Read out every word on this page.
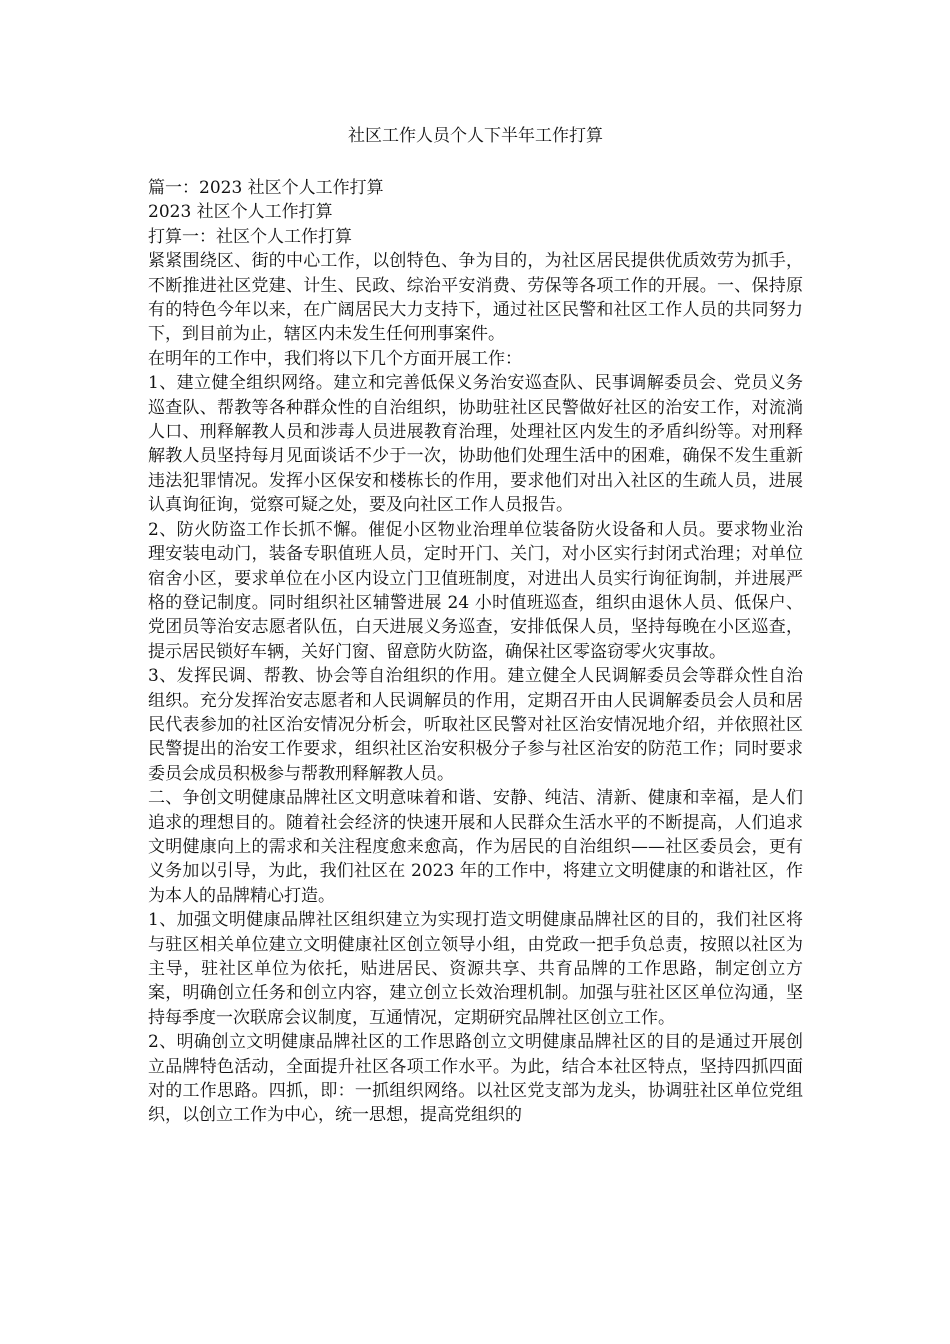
社区工作人员个人下半年工作打算
篇一：2023 社区个人工作打算
2023 社区个人工作打算
打算一：社区个人工作打算
紧紧围绕区、街的中心工作，以创特色、争为目的，为社区居民提供优质效劳为抓手，不断推进社区党建、计生、民政、综治平安消费、劳保等各项工作的开展。一、保持原有的特色今年以来，在广阔居民大力支持下，通过社区民警和社区工作人员的共同努力下，到目前为止，辖区内未发生任何刑事案件。
在明年的工作中，我们将以下几个方面开展工作：
1、建立健全组织网络。建立和完善低保义务治安巡查队、民事调解委员会、党员义务巡查队、帮教等各种群众性的自治组织，协助驻社区民警做好社区的治安工作，对流淌人口、刑释解教人员和涉毒人员进展教育治理，处理社区内发生的矛盾纠纷等。对刑释解教人员坚持每月见面谈话不少于一次，协助他们处理生活中的困难，确保不发生重新违法犯罪情况。发挥小区保安和楼栋长的作用，要求他们对出入社区的生疏人员，进展认真询征询，觉察可疑之处，要及向社区工作人员报告。
2、防火防盗工作长抓不懈。催促小区物业治理单位装备防火设备和人员。要求物业治理安装电动门，装备专职值班人员，定时开门、关门，对小区实行封闭式治理；对单位宿舍小区，要求单位在小区内设立门卫值班制度，对进出人员实行询征询制，并进展严格的登记制度。同时组织社区辅警进展 24 小时值班巡查，组织由退休人员、低保户、党团员等治安志愿者队伍，白天进展义务巡查，安排低保人员，坚持每晚在小区巡查，提示居民锁好车辆，关好门窗、留意防火防盗，确保社区零盗窃零火灾事故。
3、发挥民调、帮教、协会等自治组织的作用。建立健全人民调解委员会等群众性自治组织。充分发挥治安志愿者和人民调解员的作用，定期召开由人民调解委员会人员和居民代表参加的社区治安情况分析会，听取社区民警对社区治安情况地介绍，并依照社区民警提出的治安工作要求，组织社区治安积极分子参与社区治安的防范工作；同时要求委员会成员积极参与帮教刑释解教人员。
二、争创文明健康品牌社区文明意味着和谐、安静、纯洁、清新、健康和幸福，是人们追求的理想目的。随着社会经济的快速开展和人民群众生活水平的不断提高，人们追求文明健康向上的需求和关注程度愈来愈高，作为居民的自治组织——社区委员会，更有义务加以引导，为此，我们社区在 2023 年的工作中，将建立文明健康的和谐社区，作为本人的品牌精心打造。
1、加强文明健康品牌社区组织建立为实现打造文明健康品牌社区的目的，我们社区将与驻区相关单位建立文明健康社区创立领导小组，由党政一把手负总责，按照以社区为主导，驻社区单位为依托，贴进居民、资源共享、共育品牌的工作思路，制定创立方案，明确创立任务和创立内容，建立创立长效治理机制。加强与驻社区区单位沟通，坚持每季度一次联席会议制度，互通情况，定期研究品牌社区创立工作。
2、明确创立文明健康品牌社区的工作思路创立文明健康品牌社区的目的是通过开展创立品牌特色活动，全面提升社区各项工作水平。为此，结合本社区特点，坚持四抓四面对的工作思路。四抓，即：一抓组织网络。以社区党支部为龙头，协调驻社区单位党组织，以创立工作为中心，统一思想，提高党组织的
